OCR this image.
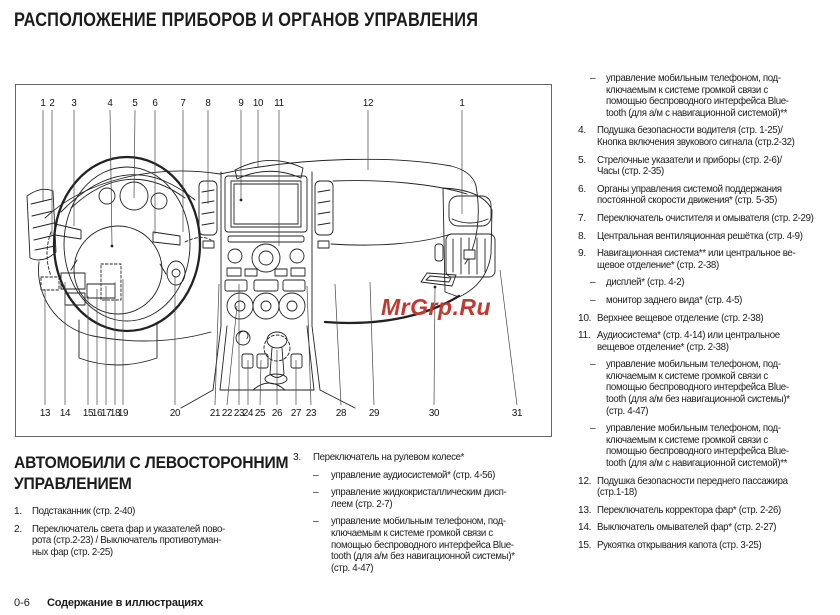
РАСПОЛОЖЕНИЕ ПРИБОРОВ И ОРГАНОВ УПРАВЛЕНИЯ
MrGrp.Ru
1 2 3	4 5 6 7 8	9 10 11	12	1
13 14 15
16
17
18
19	20	21 22 23
24 25 26 27 23 28 29	30	31
АВТОМОБИЛИ С ЛЕВОСТОРОННИМ
УПРАВЛЕНИЕМ
1.	Подстаканник (стр. 2-40)
2.	Переключатель света фар и указателей пово-
рота (стр.2-23) / Выключатель противотуман-
ных фар (стр. 2-25)
3.	Переключатель на рулевом колесе*
–	управление аудиосистемой* (стр. 4-56)
–	управление жидкокристаллическим дисп-
леем (стр. 2-7)
–	управление мобильным телефоном, под-
ключаемым к системе громкой связи с
помощью беспроводного интерфейса Blue-
tooth (для а/м без навигационной системы)*
(стр. 4-47)
–	управление мобильным телефоном, под-
ключаемым к системе громкой связи с
помощью беспроводного интерфейса Blue-
tooth (для а/м с навигационной системой)**
4.	Подушка безопасности водителя (стр. 1-25)/
Кнопка включения звукового сигнала (стр.2-32)
5.	Стрелочные указатели и приборы (стр. 2-6)/
Часы (стр. 2-35)
6.	Органы управления системой поддержания
постоянной скорости движения* (стр. 5-35)
7.	Переключатель очистителя и омывателя (стр. 2-29)
8.	Центральная вентиляционная решётка (стр. 4-9)
9.	Навигационная система** или центральное ве-
щевое отделение* (стр. 2-38)
–	дисплей* (стр. 4-2)
–	монитор заднего вида* (стр. 4-5)
10. Верхнее вещевое отделение (стр. 2-38)
11. Аудиосистема* (стр. 4-14) или центральное
вещевое отделение* (стр. 2-38)
–	управление мобильным телефоном, под-
ключаемым к системе громкой связи с
помощью беспроводного интерфейса Blue-
tooth (для а/м без навигационной системы)*
(стр. 4-47)
–	управление мобильным телефоном, под-
ключаемым к системе громкой связи с
помощью беспроводного интерфейса Blue-
tooth (для а/м с навигационной системой)**
12. Подушка безопасности переднего пассажира
(стр.1-18)
13. Переключатель корректора фар* (стр. 2-26)
14. Выключатель омывателей фар* (стр. 2-27)
15. Рукоятка открывания капота (стр. 3-25)
0-6 Содержание в иллюстрациях
